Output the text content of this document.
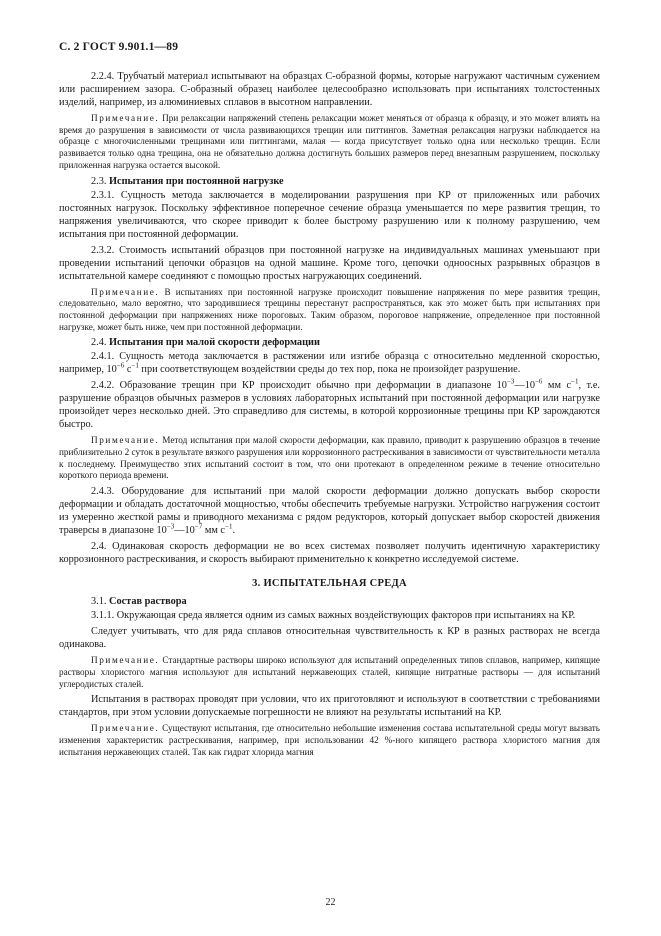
С. 2 ГОСТ 9.901.1—89

2.2.4. Трубчатый материал испытывают на образцах С-образной формы, которые нагружают частичным сужением или расширением зазора. С-образный образец наиболее целесообразно использовать при испытаниях толстостенных изделий, например, из алюминиевых сплавов в высотном направлении.

Примечание. При релаксации напряжений степень релаксации может меняться от образца к образцу, и это может влиять на время до разрушения в зависимости от числа развивающихся трещин или питтингов. Заметная релаксация нагрузки наблюдается на образце с многочисленными трещинами или питтингами, малая — когда присутствует только одна или несколько трещин. Если развивается только одна трещина, она не обязательно должна достигнуть больших размеров перед внезапным разрушением, поскольку приложенная нагрузка остается высокой.

2.3. Испытания при постоянной нагрузке

2.3.1. Сущность метода заключается в моделировании разрушения при КР от приложенных или рабочих постоянных нагрузок. Поскольку эффективное поперечное сечение образца уменьшается по мере развития трещин, то напряжения увеличиваются, что скорее приводит к более быстрому разрушению или к полному разрушению, чем испытания при постоянной деформации.

2.3.2. Стоимость испытаний образцов при постоянной нагрузке на индивидуальных машинах уменьшают при проведении испытаний цепочки образцов на одной машине. Кроме того, цепочки одноосных разрывных образцов в испытательной камере соединяют с помощью простых нагружающих соединений.

Примечание. В испытаниях при постоянной нагрузке происходит повышение напряжения по мере развития трещин, следовательно, мало вероятно, что зародившиеся трещины перестанут распространяться, как это может быть при испытаниях при постоянной деформации при напряжениях ниже пороговых. Таким образом, пороговое напряжение, определенное при постоянной нагрузке, может быть ниже, чем при постоянной деформации.

2.4. Испытания при малой скорости деформации

2.4.1. Сущность метода заключается в растяжении или изгибе образца с относительно медленной скоростью, например, $10^{-6}$ $с^{-1}$ при соответствующем воздействии среды до тех пор, пока не произойдет разрушение.

2.4.2. Образование трещин при КР происходит обычно при деформации в диапазоне $10^{-3}—10^{-6}$ мм $с^{-1}$, т.е. разрушение образцов обычных размеров в условиях лабораторных испытаний при постоянной деформации или нагрузке произойдет через несколько дней. Это справедливо для системы, в которой коррозионные трещины при КР зарождаются быстро.

Примечание. Метод испытания при малой скорости деформации, как правило, приводит к разрушению образцов в течение приблизительно 2 суток в результате вязкого разрушения или коррозионного растрескивания в зависимости от чувствительности металла к последнему. Преимущество этих испытаний состоит в том, что они протекают в определенном режиме в течение относительно короткого периода времени.

2.4.3. Оборудование для испытаний при малой скорости деформации должно допускать выбор скорости деформации и обладать достаточной мощностью, чтобы обеспечить требуемые нагрузки. Устройство нагружения состоит из умеренно жесткой рамы и приводного механизма с рядом редукторов, который допускает выбор скоростей движения траверсы в диапазоне $10^{-3}—10^{-7}$ мм $с^{-1}$.

2.4. Одинаковая скорость деформации не во всех системах позволяет получить идентичную характеристику коррозионного растрескивания, и скорость выбирают применительно к конкретно исследуемой системе.

3. ИСПЫТАТЕЛЬНАЯ СРЕДА

3.1. Состав раствора

3.1.1. Окружающая среда является одним из самых важных воздействующих факторов при испытаниях на КР.

Следует учитывать, что для ряда сплавов относительная чувствительность к КР в разных растворах не всегда одинакова.

Примечание. Стандартные растворы широко используют для испытаний определенных типов сплавов, например, кипящие растворы хлористого магния используют для испытаний нержавеющих сталей, кипящие нитратные растворы — для испытаний углеродистых сталей.

Испытания в растворах проводят при условии, что их приготовляют и используют в соответствии с требованиями стандартов, при этом условии допускаемые погрешности не влияют на результаты испытаний на КР.

Примечание. Существуют испытания, где относительно небольшие изменения состава испытательной среды могут вызвать изменения характеристик растрескивания, например, при использовании 42 %-ного кипящего раствора хлористого магния для испытания нержавеющих сталей. Так как гидрат хлорида магния

22
